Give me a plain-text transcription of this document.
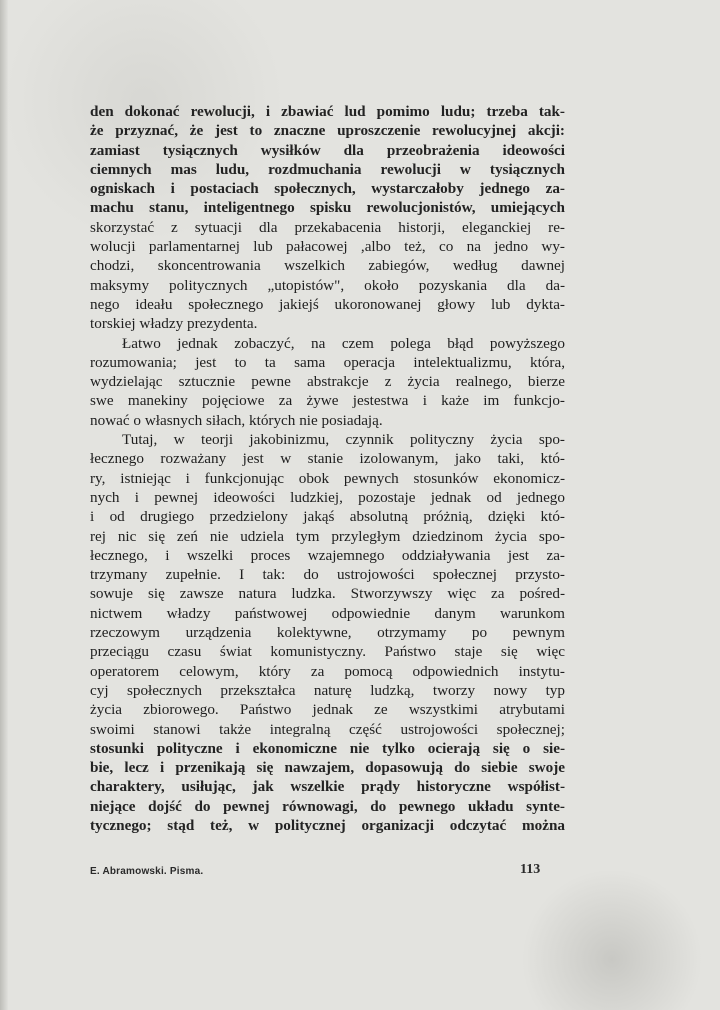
den dokonać rewolucji, i zbawiać lud pomimo ludu; trzeba tak-
że przyznać, że jest to znaczne uproszczenie rewolucyjnej akcji:
zamiast tysiącznych wysiłków dla przeobrażenia ideowości
ciemnych mas ludu, rozdmuchania rewolucji w tysiącznych
ogniskach i postaciach społecznych, wystarczałoby jednego za-
machu stanu, inteligentnego spisku rewolucjonistów, umiejących
skorzystać z sytuacji dla przekabacenia historji, eleganckiej re-
wolucji parlamentarnej lub pałacowej ,albo też, co na jedno wy-
chodzi, skoncentrowania wszelkich zabiegów, według dawnej
maksymy politycznych „utopistów", około pozyskania dla da-
nego ideału społecznego jakiejś ukoronowanej głowy lub dykta-
torskiej władzy prezydenta.
Łatwo jednak zobaczyć, na czem polega błąd powyższego
rozumowania; jest to ta sama operacja intelektualizmu, która,
wydzielając sztucznie pewne abstrakcje z życia realnego, bierze
swe manekiny pojęciowe za żywe jestestwa i każe im funkcjo-
nować o własnych siłach, których nie posiadają.
Tutaj, w teorji jakobinizmu, czynnik polityczny życia spo-
łecznego rozważany jest w stanie izolowanym, jako taki, któ-
ry, istniejąc i funkcjonując obok pewnych stosunków ekonomicz-
nych i pewnej ideowości ludzkiej, pozostaje jednak od jednego
i od drugiego przedzielony jakąś absolutną próżnią, dzięki któ-
rej nic się zeń nie udziela tym przyległym dziedzinom życia spo-
łecznego, i wszelki proces wzajemnego oddziaływania jest za-
trzymany zupełnie. I tak: do ustrojowości społecznej przysto-
sowuje się zawsze natura ludzka. Stworzywszy więc za pośred-
nictwem władzy państwowej odpowiednie danym warunkom
rzeczowym urządzenia kolektywne, otrzymamy po pewnym
przeciągu czasu świat komunistyczny. Państwo staje się więc
operatorem celowym, który za pomocą odpowiednich instytu-
cyj społecznych przekształca naturę ludzką, tworzy nowy typ
życia zbiorowego. Państwo jednak ze wszystkimi atrybutami
swoimi stanowi także integralną część ustrojowości społecznej;
stosunki polityczne i ekonomiczne nie tylko ocierają się o sie-
bie, lecz i przenikają się nawzajem, dopasowują do siebie swoje
charaktery, usiłując, jak wszelkie prądy historyczne współist-
niejące dojść do pewnej równowagi, do pewnego układu synte-
tycznego; stąd też, w politycznej organizacji odczytać można
E. Abramowski. Pisma.	113
